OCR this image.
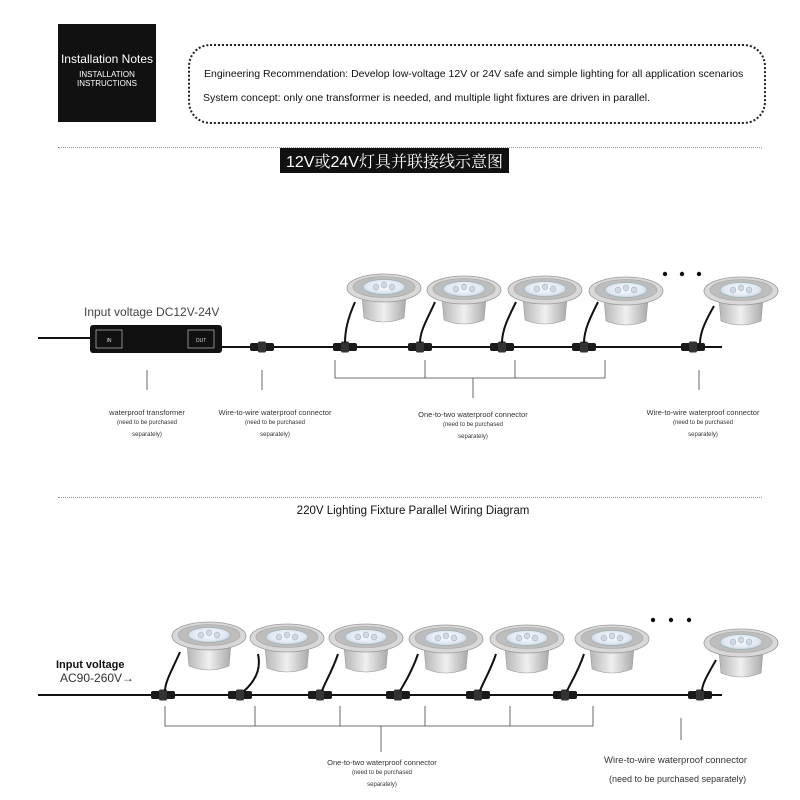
Installation Notes
INSTALLATION
INSTRUCTIONS
Engineering Recommendation: Develop low-voltage 12V or 24V safe and simple lighting for all application scenarios
System concept: only one transformer is needed, and multiple light fixtures are driven in parallel.
12V或24V灯具并联接线示意图
IN	OUT
Input voltage DC12V-24V
waterproof transformer
(need to be purchased
separately)
Wire-to-wire waterproof connector
(need to be purchased
separately)
One-to-two waterproof connector
(need to be purchased
separately)
Wire-to-wire waterproof connector
(need to be purchased
separately)
220V Lighting Fixture Parallel Wiring Diagram
Input voltage
AC90-260V→
One-to-two waterproof connector
(need to be purchased
separately)
Wire-to-wire waterproof connector
(need to be purchased separately)
